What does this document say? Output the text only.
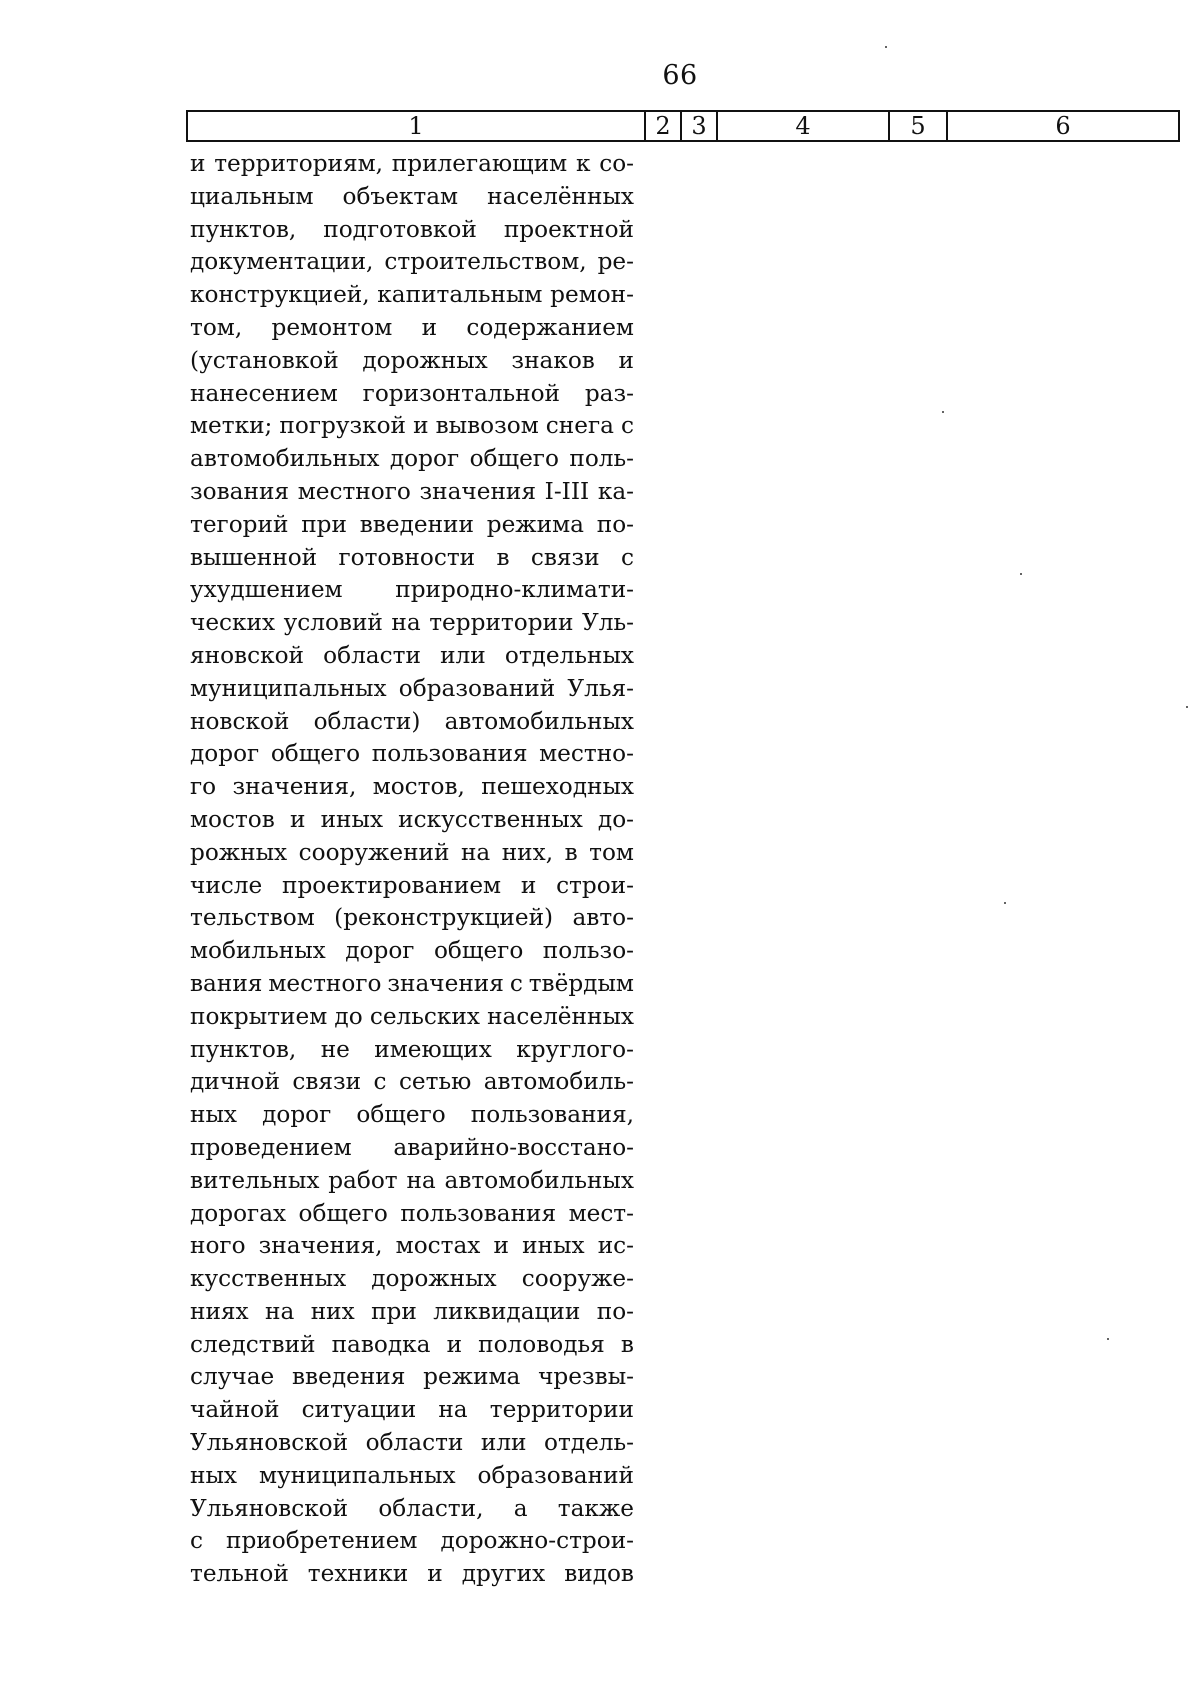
66
1	2 3	4	5	6
и территориям, прилегающим к со-
циальным объектам населённых
пунктов, подготовкой проектной
документации, строительством, ре-
конструкцией, капитальным ремон-
том, ремонтом и содержанием
(установкой дорожных знаков и
нанесением горизонтальной раз-
метки; погрузкой и вывозом снега с
автомобильных дорог общего поль-
зования местного значения I-III ка-
тегорий при введении режима по-
вышенной готовности в связи с
ухудшением природно-климати-
ческих условий на территории Уль-
яновской области или отдельных
муниципальных образований Улья-
новской области) автомобильных
дорог общего пользования местно-
го значения, мостов, пешеходных
мостов и иных искусственных до-
рожных сооружений на них, в том
числе проектированием и строи-
тельством (реконструкцией) авто-
мобильных дорог общего пользо-
вания местного значения с твёрдым
покрытием до сельских населённых
пунктов, не имеющих круглого-
дичной связи с сетью автомобиль-
ных дорог общего пользования,
проведением аварийно-восстано-
вительных работ на автомобильных
дорогах общего пользования мест-
ного значения, мостах и иных ис-
кусственных дорожных сооруже-
ниях на них при ликвидации по-
следствий паводка и половодья в
случае введения режима чрезвы-
чайной ситуации на территории
Ульяновской области или отдель-
ных муниципальных образований
Ульяновской области, а также
с приобретением дорожно-строи-
тельной техники и других видов
